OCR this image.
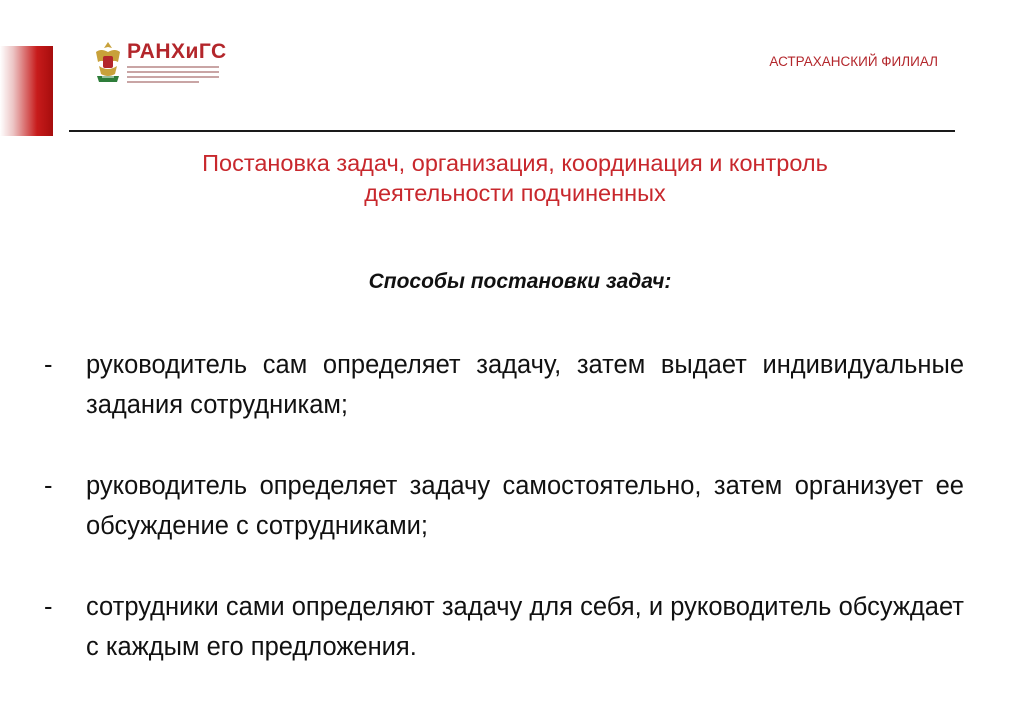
РАНХиГС	АСТРАХАНСКИЙ ФИЛИАЛ
Постановка задач, организация, координация и контроль
деятельности подчиненных
Способы постановки задач:
- руководитель сам определяет задачу, затем выдает индивидуальные задания сотрудникам;
- руководитель определяет задачу самостоятельно, затем организует ее обсуждение с сотрудниками;
- сотрудники сами определяют задачу для себя, и руководитель обсуждает с каждым его предложения.
